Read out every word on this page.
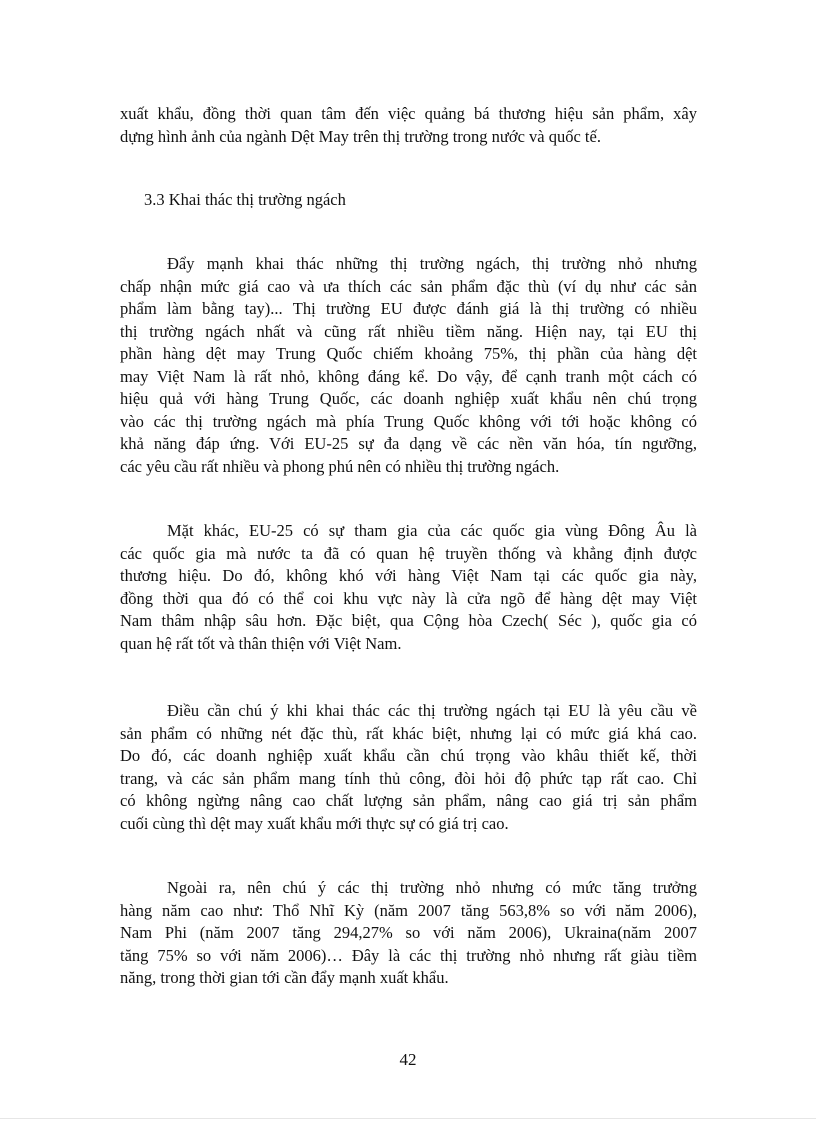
xuất khẩu, đồng thời quan tâm đến việc quảng bá thương hiệu sản phẩm, xây
dựng hình ảnh của ngành Dệt May trên thị trường trong nước và quốc tế.
3.3 Khai thác thị trường ngách
Đẩy mạnh khai thác những thị trường ngách, thị trường nhỏ nhưng
chấp nhận mức giá cao và ưa thích các sản phẩm đặc thù (ví dụ như các sản
phẩm làm bằng tay)... Thị trường EU được đánh giá là thị trường có nhiều
thị trường ngách nhất và cũng rất nhiều tiềm năng. Hiện nay, tại EU thị
phần hàng dệt may Trung Quốc chiếm khoảng 75%, thị phần của hàng dệt
may Việt Nam là rất nhỏ, không đáng kể. Do vậy, để cạnh tranh một cách có
hiệu quả với hàng Trung Quốc, các doanh nghiệp xuất khẩu nên chú trọng
vào các thị trường ngách mà phía Trung Quốc không với tới hoặc không có
khả năng đáp ứng. Với EU-25 sự đa dạng về các nền văn hóa, tín ngưỡng,
các yêu cầu rất nhiều và phong phú nên có nhiều thị trường ngách.
Mặt khác, EU-25 có sự tham gia của các quốc gia vùng Đông Âu là
các quốc gia mà nước ta đã có quan hệ truyền thống và khẳng định được
thương hiệu. Do đó, không khó với hàng Việt Nam tại các quốc gia này,
đồng thời qua đó có thể coi khu vực này là cửa ngõ để hàng dệt may Việt
Nam thâm nhập sâu hơn. Đặc biệt, qua Cộng hòa Czech( Séc ), quốc gia có
quan hệ rất tốt và thân thiện với Việt Nam.
Điều cần chú ý khi khai thác các thị trường ngách tại EU là yêu cầu về
sản phẩm có những nét đặc thù, rất khác biệt, nhưng lại có mức giá khá cao.
Do đó, các doanh nghiệp xuất khẩu cần chú trọng vào khâu thiết kế, thời
trang, và các sản phẩm mang tính thủ công, đòi hỏi độ phức tạp rất cao. Chỉ
có không ngừng nâng cao chất lượng sản phẩm, nâng cao giá trị sản phẩm
cuối cùng thì dệt may xuất khẩu mới thực sự có giá trị cao.
Ngoài ra, nên chú ý các thị trường nhỏ nhưng có mức tăng trưởng
hàng năm cao như: Thổ Nhĩ Kỳ (năm 2007 tăng 563,8% so với năm 2006),
Nam Phi (năm 2007 tăng 294,27% so với năm 2006), Ukraina(năm 2007
tăng 75% so với năm 2006)… Đây là các thị trường nhỏ nhưng rất giàu tiềm
năng, trong thời gian tới cần đẩy mạnh xuất khẩu.
42
